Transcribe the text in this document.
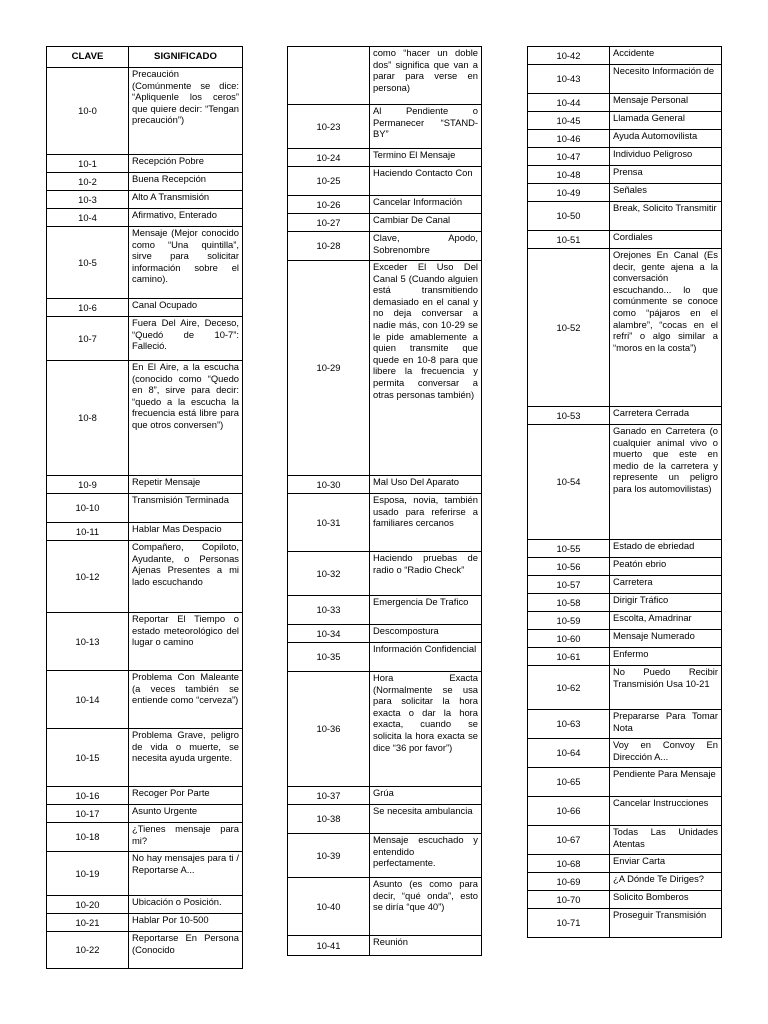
CLAVE	SIGNIFICADO
10-0	Precaución (Comúnmente se dice: “Apliquenle los ceros” que quiere decir: “Tengan precaución”)
10-1	Recepción Pobre
10-2	Buena Recepción
10-3	Alto A Transmisión
10-4	Afirmativo, Enterado
10-5	Mensaje (Mejor conocido como “Una quintilla”, sirve para solicitar información sobre el camino).
10-6	Canal Ocupado
10-7	Fuera Del Aire, Deceso, “Quedó de 10-7”: Falleció.
10-8	En El Aire, a la escucha (conocido como “Quedo en 8”, sirve para decir: “quedo a la escucha la frecuencia está libre para que otros conversen”)
10-9	Repetir Mensaje
10-10	Transmisión Terminada
10-11	Hablar Mas Despacio
10-12	Compañero, Copiloto, Ayudante, o Personas Ajenas Presentes a mi lado escuchando
10-13	Reportar El Tiempo o estado meteorológico del lugar o camino
10-14	Problema Con Maleante (a veces también se entiende como “cerveza”)
10-15	Problema Grave, peligro de vida o muerte, se necesita ayuda urgente.
10-16	Recoger Por Parte
10-17	Asunto Urgente
10-18	¿Tienes mensaje para mi?
10-19	No hay mensajes para ti / Reportarse A...
10-20	Ubicación o Posición.
10-21	Hablar Por 10-500
10-22	Reportarse En Persona (Conocido
	como “hacer un doble dos” significa que van a parar para verse en persona)
10-23	Al Pendiente o Permanecer “STAND-BY”
10-24	Termino El Mensaje
10-25	Haciendo Contacto Con
10-26	Cancelar Información
10-27	Cambiar De Canal
10-28	Clave, Apodo, Sobrenombre
10-29	Exceder El Uso Del Canal 5 (Cuando alguien está transmitiendo demasiado en el canal y no deja conversar a nadie más, con 10-29 se le pide amablemente a quien transmite que quede en 10-8 para que libere la frecuencia y permita conversar a otras personas también)
10-30	Mal Uso Del Aparato
10-31	Esposa, novia, también usado para referirse a familiares cercanos
10-32	Haciendo pruebas de radio o “Radio Check”
10-33	Emergencia De Trafico
10-34	Descompostura
10-35	Información Confidencial
10-36	Hora Exacta (Normalmente se usa para solicitar la hora exacta o dar la hora exacta, cuando se solicita la hora exacta se dice “36 por favor”)
10-37	Grúa
10-38	Se necesita ambulancia
10-39	Mensaje escuchado y entendido perfectamente.
10-40	Asunto (es como para decir, “qué onda”, esto se diría “que 40”)
10-41	Reunión
10-42	Accidente
10-43	Necesito Información de
10-44	Mensaje Personal
10-45	Llamada General
10-46	Ayuda Automovilista
10-47	Individuo Peligroso
10-48	Prensa
10-49	Señales
10-50	Break, Solicito Transmitir
10-51	Cordiales
10-52	Orejones En Canal (Es decir, gente ajena a la conversación escuchando... lo que comúnmente se conoce como “pájaros en el alambre”, “cocas en el refri” o algo similar a “moros en la costa”)
10-53	Carretera Cerrada
10-54	Ganado en Carretera (o cualquier animal vivo o muerto que este en medio de la carretera y represente un peligro para los automovilistas)
10-55	Estado de ebriedad
10-56	Peatón ebrio
10-57	Carretera
10-58	Dirigir Tráfico
10-59	Escolta, Amadrinar
10-60	Mensaje Numerado
10-61	Enfermo
10-62	No Puedo Recibir Transmisión Usa 10-21
10-63	Prepararse Para Tomar Nota
10-64	Voy en Convoy En Dirección A...
10-65	Pendiente Para Mensaje
10-66	Cancelar Instrucciones
10-67	Todas Las Unidades Atentas
10-68	Enviar Carta
10-69	¿A Dónde Te Diriges?
10-70	Solicito Bomberos
10-71	Proseguir Transmisión
